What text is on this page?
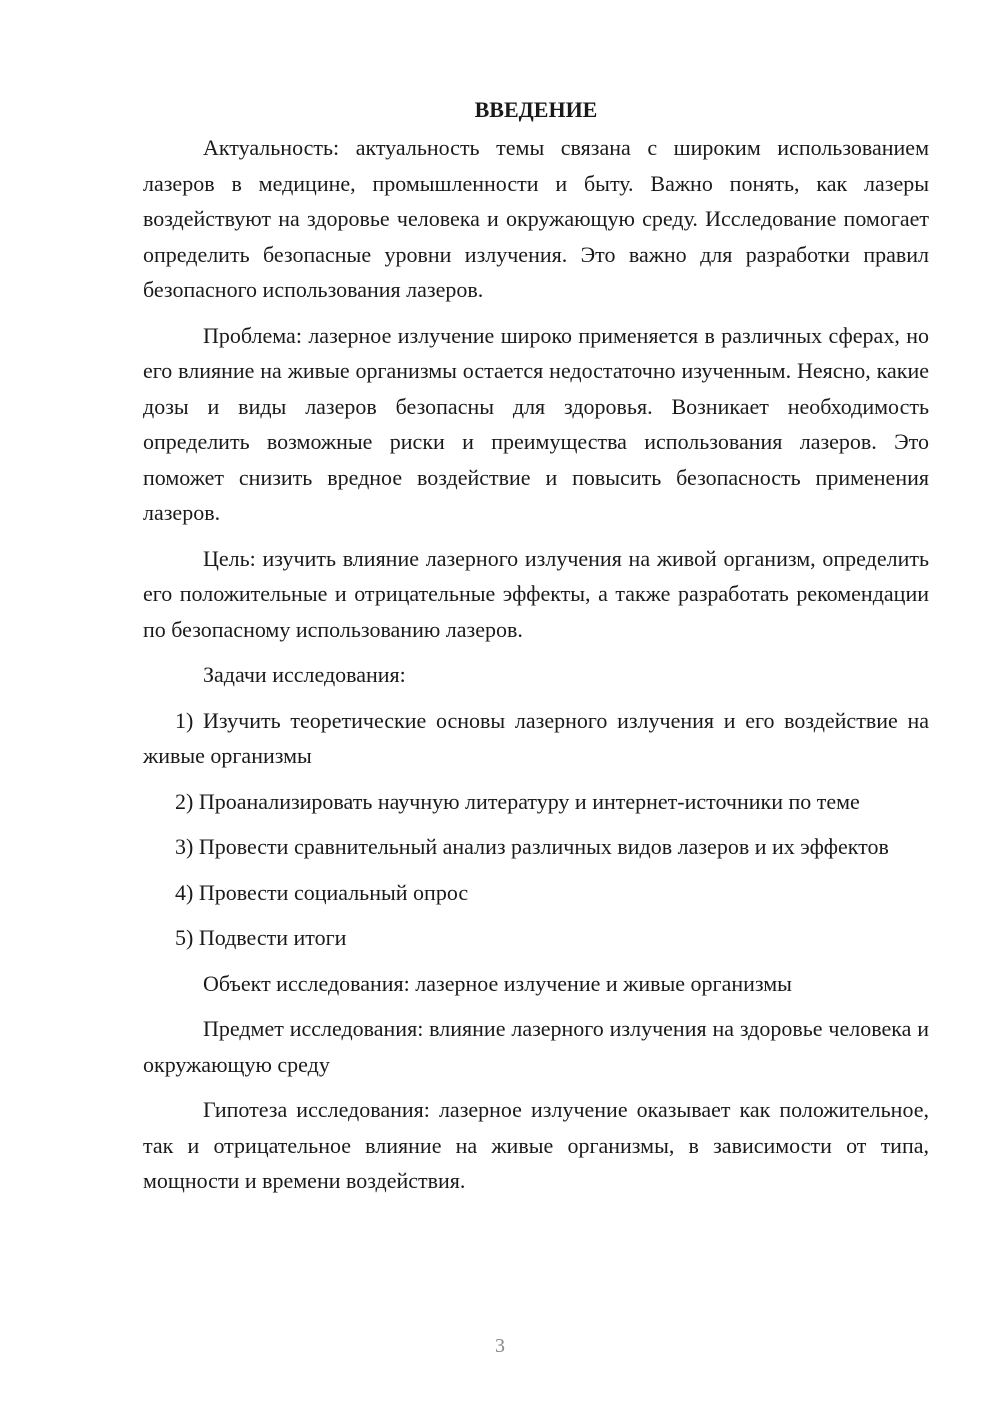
ВВЕДЕНИЕ

Актуальность: актуальность темы связана с широким использованием лазеров в медицине, промышленности и быту. Важно понять, как лазеры воздействуют на здоровье человека и окружающую среду. Исследование помогает определить безопасные уровни излучения. Это важно для разработки правил безопасного использования лазеров.

Проблема: лазерное излучение широко применяется в различных сферах, но его влияние на живые организмы остается недостаточно изученным. Неясно, какие дозы и виды лазеров безопасны для здоровья. Возникает необходимость определить возможные риски и преимущества использования лазеров. Это поможет снизить вредное воздействие и повысить безопасность применения лазеров.

Цель: изучить влияние лазерного излучения на живой организм, определить его положительные и отрицательные эффекты, а также разработать рекомендации по безопасному использованию лазеров.

Задачи исследования:

1) Изучить теоретические основы лазерного излучения и его воздействие на живые организмы

2) Проанализировать научную литературу и интернет-источники по теме

3) Провести сравнительный анализ различных видов лазеров и их эффектов

4) Провести социальный опрос

5) Подвести итоги

Объект исследования: лазерное излучение и живые организмы

Предмет исследования: влияние лазерного излучения на здоровье человека и окружающую среду

Гипотеза исследования: лазерное излучение оказывает как положительное, так и отрицательное влияние на живые организмы, в зависимости от типа, мощности и времени воздействия.

3
